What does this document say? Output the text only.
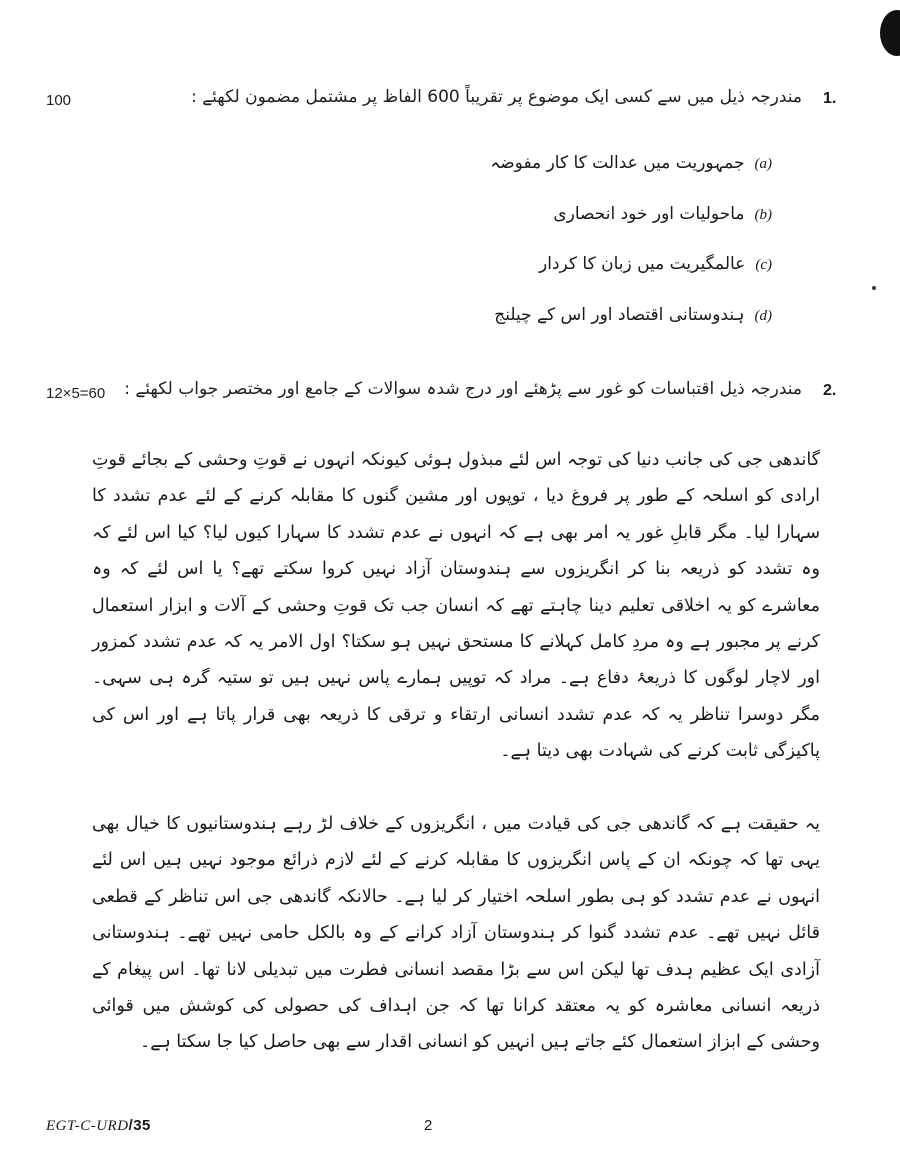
1.
100	مندرجہ ذیل میں سے کسی ایک موضوع پر تقریباً 600 الفاظ پر مشتمل مضمون لکھئے :
(a)
جمہوریت میں عدالت کا کار مفوضہ
(b)
ماحولیات اور خود انحصاری
(c)
عالمگیریت میں زبان کا کردار
(d)
ہندوستانی اقتصاد اور اس کے چیلنج
2.
12×5=60 مندرجہ ذیل اقتباسات کو غور سے پڑھئے اور درج شدہ سوالات کے جامع اور مختصر جواب لکھئے :
گاندھی جی کی جانب دنیا کی توجہ اس لئے مبذول ہوئی کیونکہ انہوں نے قوتِ وحشی کے بجائے قوتِ ارادی کو اسلحہ کے طور پر فروغ دیا ، توپوں اور مشین گنوں کا مقابلہ کرنے کے لئے عدم تشدد کا سہارا لیا۔ مگر قابلِ غور یہ امر بھی ہے کہ انہوں نے عدم تشدد کا سہارا کیوں لیا؟ کیا اس لئے کہ وہ تشدد کو ذریعہ بنا کر انگریزوں سے ہندوستان آزاد نہیں کروا سکتے تھے؟ یا اس لئے کہ وہ معاشرے کو یہ اخلاقی تعلیم دینا چاہتے تھے کہ انسان جب تک قوتِ وحشی کے آلات و ابزار استعمال کرنے پر مجبور ہے وہ مردِ کامل کہلانے کا مستحق نہیں ہو سکتا؟ اول الامر یہ کہ عدم تشدد کمزور اور لاچار لوگوں کا ذریعۂ دفاع ہے۔ مراد کہ توپیں ہمارے پاس نہیں ہیں تو ستیہ گرہ ہی سہی۔ مگر دوسرا تناظر یہ کہ عدم تشدد انسانی ارتقاء و ترقی کا ذریعہ بھی قرار پاتا ہے اور اس کی پاکیزگی ثابت کرنے کی شہادت بھی دیتا ہے۔
یہ حقیقت ہے کہ گاندھی جی کی قیادت میں ، انگریزوں کے خلاف لڑ رہے ہندوستانیوں کا خیال بھی یہی تھا کہ چونکہ ان کے پاس انگریزوں کا مقابلہ کرنے کے لئے لازم ذرائع موجود نہیں ہیں اس لئے انہوں نے عدم تشدد کو ہی بطور اسلحہ اختیار کر لیا ہے۔ حالانکہ گاندھی جی اس تناظر کے قطعی قائل نہیں تھے۔ عدم تشدد گنوا کر ہندوستان آزاد کرانے کے وہ بالکل حامی نہیں تھے۔ ہندوستانی آزادی ایک عظیم ہدف تھا لیکن اس سے بڑا مقصد انسانی فطرت میں تبدیلی لانا تھا۔ اس پیغام کے ذریعہ انسانی معاشرہ کو یہ معتقد کرانا تھا کہ جن اہداف کی حصولی کی کوشش میں قوائی وحشی کے ابزاز استعمال کئے جاتے ہیں انہیں کو انسانی اقدار سے بھی حاصل کیا جا سکتا ہے۔
EGT-C-URD/35	2
